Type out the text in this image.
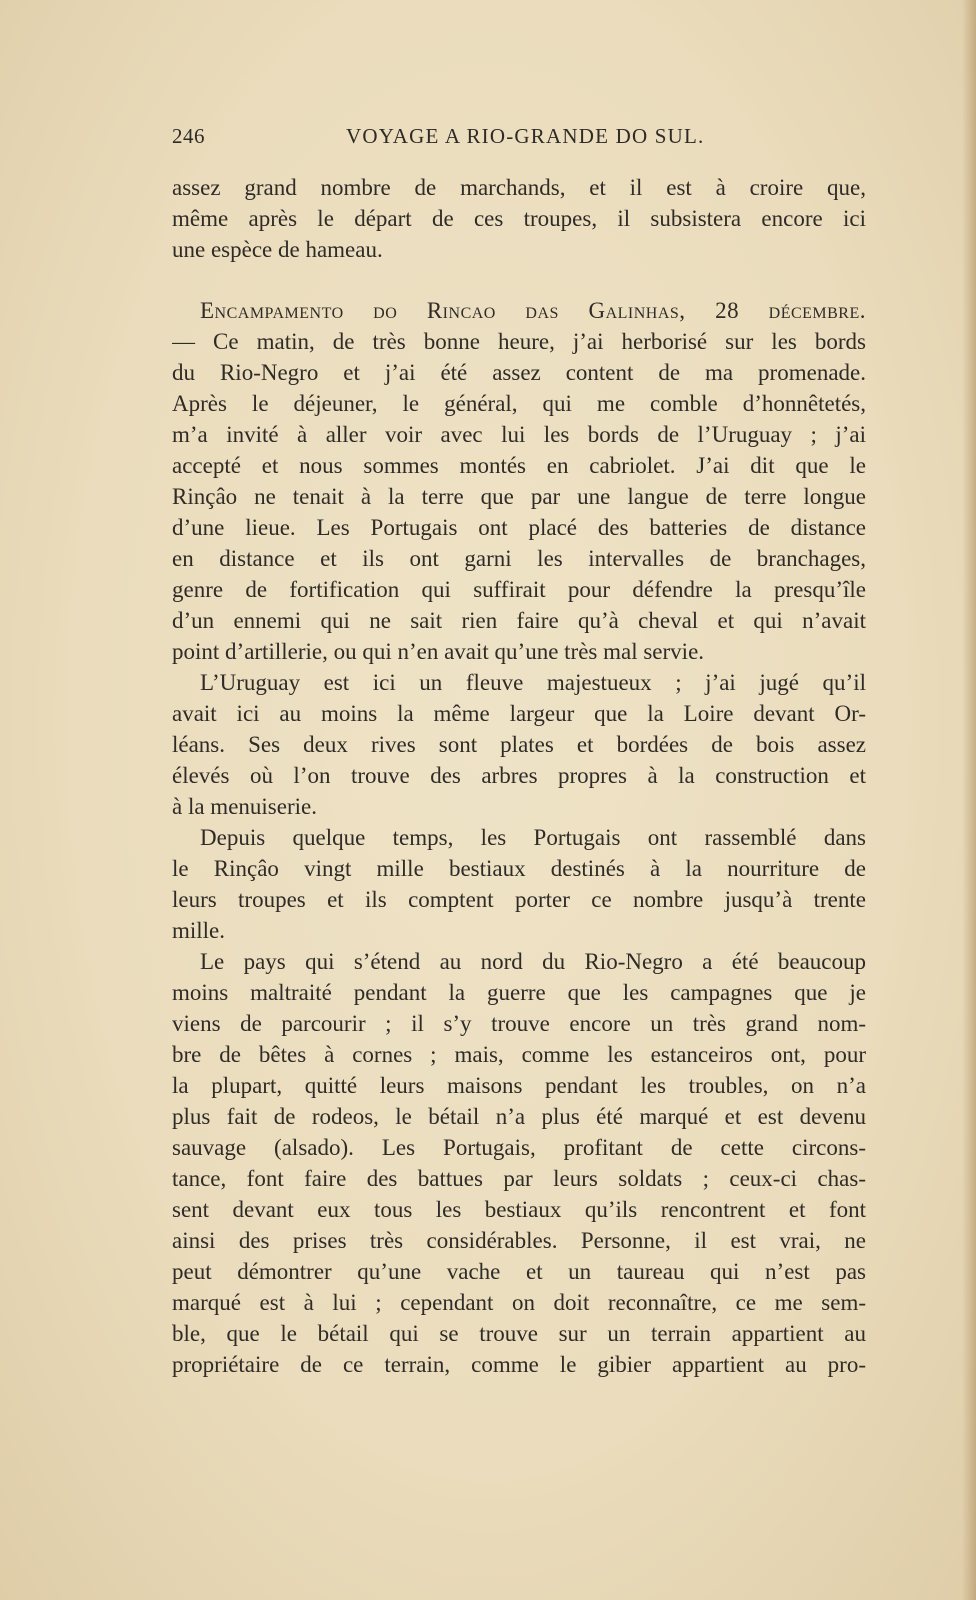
246	VOYAGE A RIO-GRANDE DO SUL.
assez grand nombre de marchands, et il est à croire que,
même après le départ de ces troupes, il subsistera encore ici
une espèce de hameau.
Encampamento do Rincao das Galinhas, 28 décembre.
— Ce matin, de très bonne heure, j’ai herborisé sur les bords
du Rio-Negro et j’ai été assez content de ma promenade.
Après le déjeuner, le général, qui me comble d’honnêtetés,
m’a invité à aller voir avec lui les bords de l’Uruguay ; j’ai
accepté et nous sommes montés en cabriolet. J’ai dit que le
Rinçâo ne tenait à la terre que par une langue de terre longue
d’une lieue. Les Portugais ont placé des batteries de distance
en distance et ils ont garni les intervalles de branchages,
genre de fortification qui suffirait pour défendre la presqu’île
d’un ennemi qui ne sait rien faire qu’à cheval et qui n’avait
point d’artillerie, ou qui n’en avait qu’une très mal servie.
L’Uruguay est ici un fleuve majestueux ; j’ai jugé qu’il
avait ici au moins la même largeur que la Loire devant Or-
léans. Ses deux rives sont plates et bordées de bois assez
élevés où l’on trouve des arbres propres à la construction et
à la menuiserie.
Depuis quelque temps, les Portugais ont rassemblé dans
le Rinçâo vingt mille bestiaux destinés à la nourriture de
leurs troupes et ils comptent porter ce nombre jusqu’à trente
mille.
Le pays qui s’étend au nord du Rio-Negro a été beaucoup
moins maltraité pendant la guerre que les campagnes que je
viens de parcourir ; il s’y trouve encore un très grand nom-
bre de bêtes à cornes ; mais, comme les estanceiros ont, pour
la plupart, quitté leurs maisons pendant les troubles, on n’a
plus fait de rodeos, le bétail n’a plus été marqué et est devenu
sauvage (alsado). Les Portugais, profitant de cette circons-
tance, font faire des battues par leurs soldats ; ceux-ci chas-
sent devant eux tous les bestiaux qu’ils rencontrent et font
ainsi des prises très considérables. Personne, il est vrai, ne
peut démontrer qu’une vache et un taureau qui n’est pas
marqué est à lui ; cependant on doit reconnaître, ce me sem-
ble, que le bétail qui se trouve sur un terrain appartient au
propriétaire de ce terrain, comme le gibier appartient au pro-
